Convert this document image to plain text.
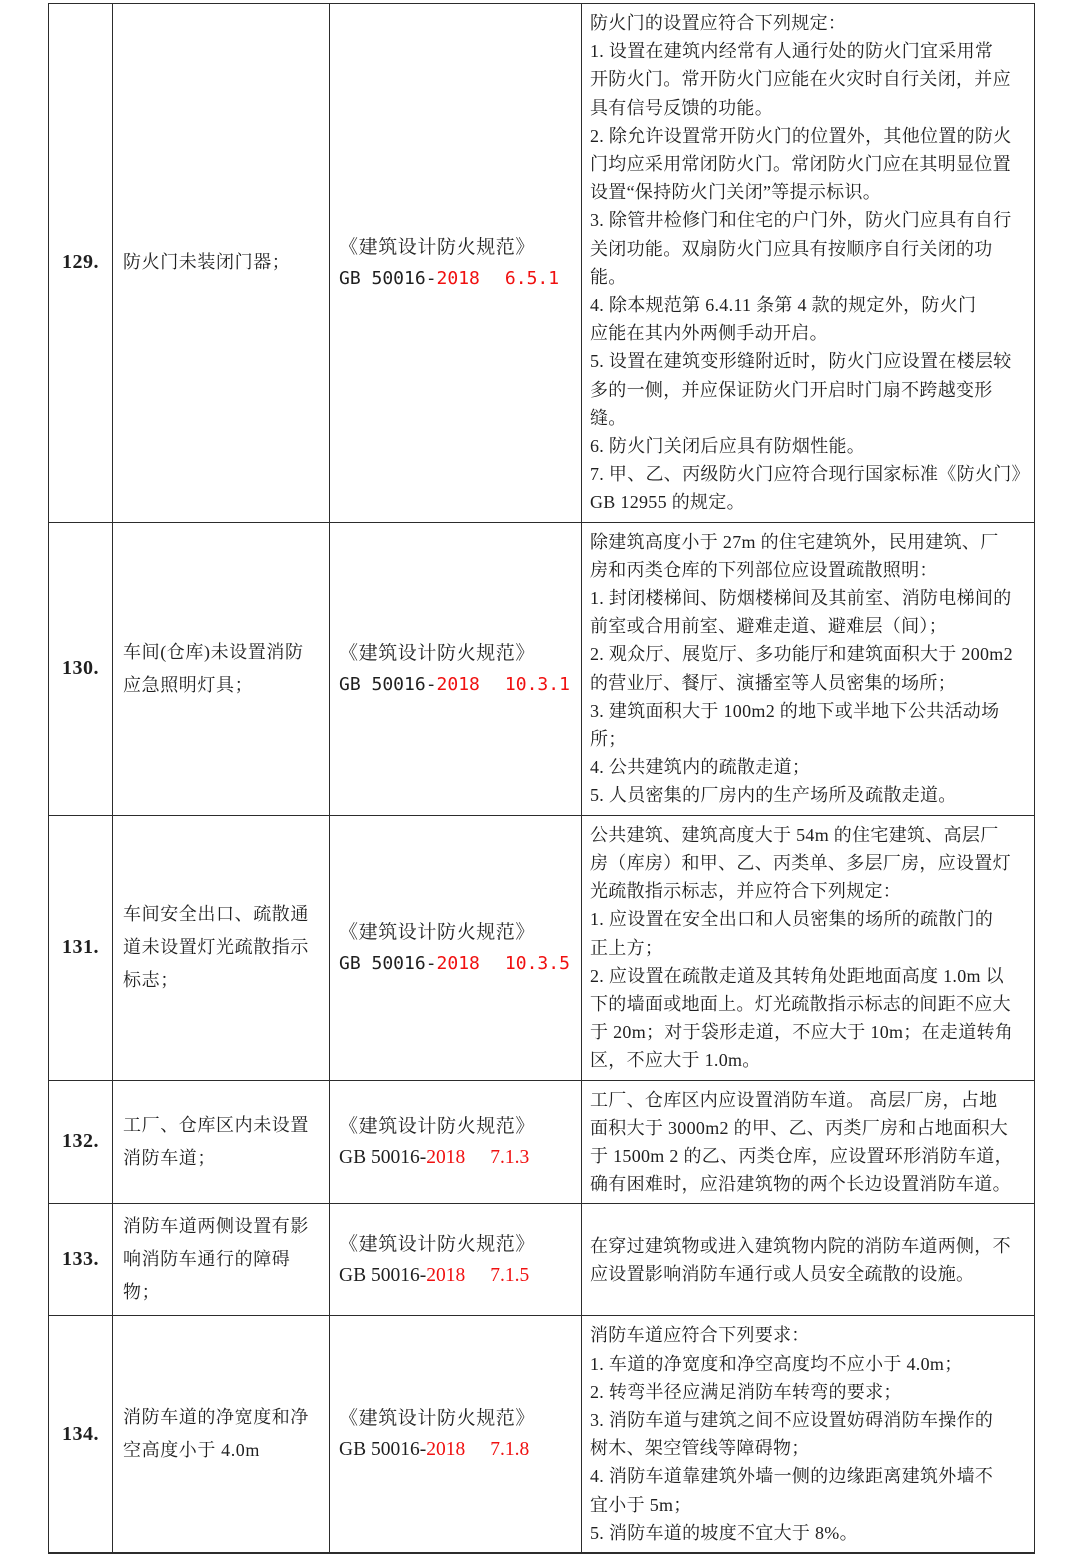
129. 防火门未装闭门器；
《建筑设计防火规范》
GB 50016-2018 6.5.1
防火门的设置应符合下列规定：
1. 设置在建筑内经常有人通行处的防火门宜采用常
开防火门。常开防火门应能在火灾时自行关闭，并应
具有信号反馈的功能。
2. 除允许设置常开防火门的位置外，其他位置的防火
门均应采用常闭防火门。常闭防火门应在其明显位置
设置“保持防火门关闭”等提示标识。
3. 除管井检修门和住宅的户门外，防火门应具有自行
关闭功能。双扇防火门应具有按顺序自行关闭的功
能。
4. 除本规范第 6.4.11 条第 4 款的规定外，防火门
应能在其内外两侧手动开启。
5. 设置在建筑变形缝附近时，防火门应设置在楼层较
多的一侧，并应保证防火门开启时门扇不跨越变形
缝。
6. 防火门关闭后应具有防烟性能。
7. 甲、乙、丙级防火门应符合现行国家标准《防火门》
GB 12955 的规定。
130.
车间(仓库)未设置消防
应急照明灯具；
《建筑设计防火规范》
GB 50016-2018 10.3.1
除建筑高度小于 27m 的住宅建筑外，民用建筑、厂
房和丙类仓库的下列部位应设置疏散照明：
1. 封闭楼梯间、防烟楼梯间及其前室、消防电梯间的
前室或合用前室、避难走道、避难层（间）；
2. 观众厅、展览厅、多功能厅和建筑面积大于 200m2
的营业厅、餐厅、演播室等人员密集的场所；
3. 建筑面积大于 100m2 的地下或半地下公共活动场
所；
4. 公共建筑内的疏散走道；
5. 人员密集的厂房内的生产场所及疏散走道。
131.
车间安全出口、疏散通
道未设置灯光疏散指示
标志；
《建筑设计防火规范》
GB 50016-2018 10.3.5
公共建筑、建筑高度大于 54m 的住宅建筑、高层厂
房（库房）和甲、乙、丙类单、多层厂房，应设置灯
光疏散指示标志，并应符合下列规定：
1. 应设置在安全出口和人员密集的场所的疏散门的
正上方；
2. 应设置在疏散走道及其转角处距地面高度 1.0m 以
下的墙面或地面上。灯光疏散指示标志的间距不应大
于 20m；对于袋形走道，不应大于 10m；在走道转角
区，不应大于 1.0m。
132.
工厂、仓库区内未设置
消防车道；
《建筑设计防火规范》
GB 50016-2018 7.1.3
工厂、仓库区内应设置消防车道。 高层厂房，占地
面积大于 3000m2 的甲、乙、丙类厂房和占地面积大
于 1500m 2 的乙、丙类仓库，应设置环形消防车道，
确有困难时，应沿建筑物的两个长边设置消防车道。
133.
消防车道两侧设置有影
响消防车通行的障碍
物；
《建筑设计防火规范》
GB 50016-2018 7.1.5
在穿过建筑物或进入建筑物内院的消防车道两侧，不
应设置影响消防车通行或人员安全疏散的设施。
134.
消防车道的净宽度和净
空高度小于 4.0m
《建筑设计防火规范》
GB 50016-2018 7.1.8
消防车道应符合下列要求：
1. 车道的净宽度和净空高度均不应小于 4.0m；
2. 转弯半径应满足消防车转弯的要求；
3. 消防车道与建筑之间不应设置妨碍消防车操作的
树木、架空管线等障碍物；
4. 消防车道靠建筑外墙一侧的边缘距离建筑外墙不
宜小于 5m；
5. 消防车道的坡度不宜大于 8%。
